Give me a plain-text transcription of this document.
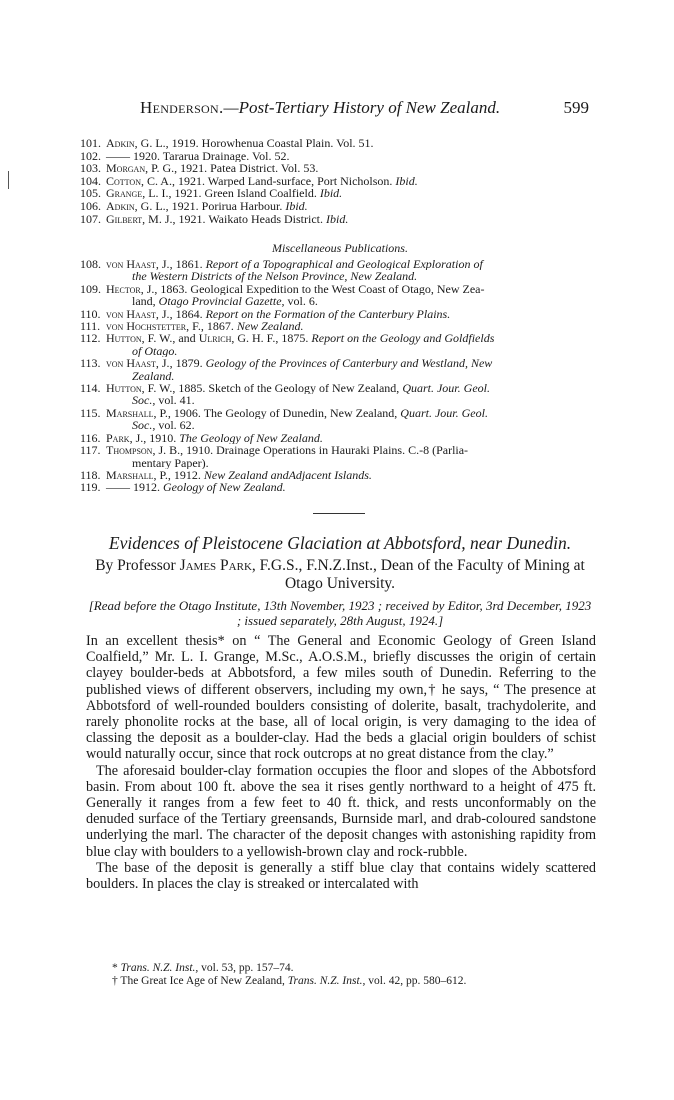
Henderson.—Post-Tertiary History of New Zealand.	599
101. Adkin, G. L., 1919. Horowhenua Coastal Plain. Vol. 51.
102. —— 1920. Tararua Drainage. Vol. 52.
103. Morgan, P. G., 1921. Patea District. Vol. 53.
104. Cotton, C. A., 1921. Warped Land-surface, Port Nicholson. Ibid.
105. Grange, L. I., 1921. Green Island Coalfield. Ibid.
106. Adkin, G. L., 1921. Porirua Harbour. Ibid.
107. Gilbert, M. J., 1921. Waikato Heads District. Ibid.
Miscellaneous Publications.
108. von Haast, J., 1861. Report of a Topographical and Geological Exploration of
the Western Districts of the Nelson Province, New Zealand.
109. Hector, J., 1863. Geological Expedition to the West Coast of Otago, New Zea-
land, Otago Provincial Gazette, vol. 6.
110. von Haast, J., 1864. Report on the Formation of the Canterbury Plains.
111. von Hochstetter, F., 1867. New Zealand.
112. Hutton, F. W., and Ulrich, G. H. F., 1875. Report on the Geology and Goldfields
of Otago.
113. von Haast, J., 1879. Geology of the Provinces of Canterbury and Westland, New
Zealand.
114. Hutton, F. W., 1885. Sketch of the Geology of New Zealand, Quart. Jour. Geol.
Soc., vol. 41.
115. Marshall, P., 1906. The Geology of Dunedin, New Zealand, Quart. Jour. Geol.
Soc., vol. 62.
116. Park, J., 1910. The Geology of New Zealand.
117. Thompson, J. B., 1910. Drainage Operations in Hauraki Plains. C.-8 (Parlia-
mentary Paper).
118. Marshall, P., 1912. New Zealand andAdjacent Islands.
119. —— 1912. Geology of New Zealand.
Evidences of Pleistocene Glaciation at Abbotsford, near Dunedin.
By Professor James Park, F.G.S., F.N.Z.Inst., Dean of the Faculty of Mining at Otago University.
[Read before the Otago Institute, 13th November, 1923 ; received by Editor, 3rd December, 1923 ; issued separately, 28th August, 1924.]

In an excellent thesis* on “ The General and Economic Geology of Green Island Coalfield,” Mr. L. I. Grange, M.Sc., A.O.S.M., briefly discusses the origin of certain clayey boulder-beds at Abbotsford, a few miles south of Dunedin. Referring to the published views of different observers, including my own,† he says, “ The presence at Abbotsford of well-rounded boulders consisting of dolerite, basalt, trachydolerite, and rarely phonolite rocks at the base, all of local origin, is very damaging to the idea of classing the deposit as a boulder-clay. Had the beds a glacial origin boulders of schist would naturally occur, since that rock outcrops at no great distance from the clay.”

The aforesaid boulder-clay formation occupies the floor and slopes of the Abbotsford basin. From about 100 ft. above the sea it rises gently northward to a height of 475 ft. Generally it ranges from a few feet to 40 ft. thick, and rests unconformably on the denuded surface of the Tertiary greensands, Burnside marl, and drab-coloured sandstone underlying the marl. The character of the deposit changes with astonishing rapidity from blue clay with boulders to a yellowish-brown clay and rock-rubble.

The base of the deposit is generally a stiff blue clay that contains widely scattered boulders. In places the clay is streaked or intercalated with

* Trans. N.Z. Inst., vol. 53, pp. 157–74.
† The Great Ice Age of New Zealand, Trans. N.Z. Inst., vol. 42, pp. 580–612.
